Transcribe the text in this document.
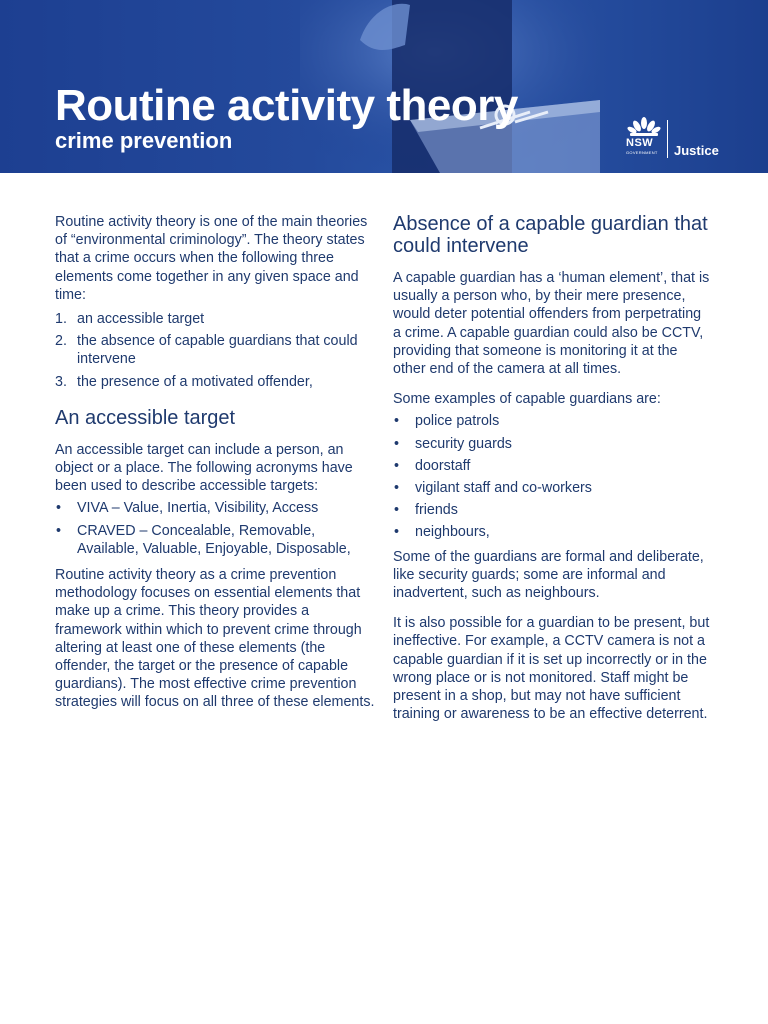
Routine activity theory
crime prevention	NSW
GOVERNMENT Justice

Routine activity theory is one of the main theories of “environmental criminology”. The theory states that a crime occurs when the following three elements come together in any given space and time:

1. an accessible target
2. the absence of capable guardians that could intervene
3. the presence of a motivated offender,
An accessible target

An accessible target can include a person, an object or a place. The following acronyms have been used to describe accessible targets:

• VIVA – Value, Inertia, Visibility, Access
• CRAVED – Concealable, Removable, Available, Valuable, Enjoyable, Disposable,

Routine activity theory as a crime prevention methodology focuses on essential elements that make up a crime. This theory provides a framework within which to prevent crime through altering at least one of these elements (the offender, the target or the presence of capable guardians). The most effective crime prevention strategies will focus on all three of these elements.

Absence of a capable guardian that could intervene

A capable guardian has a ‘human element’, that is usually a person who, by their mere presence, would deter potential offenders from perpetrating a crime. A capable guardian could also be CCTV, providing that someone is monitoring it at the other end of the camera at all times.

Some examples of capable guardians are:

• police patrols
• security guards
• doorstaff
• vigilant staff and co-workers
• friends
• neighbours,

Some of the guardians are formal and deliberate, like security guards; some are informal and inadvertent, such as neighbours.

It is also possible for a guardian to be present, but ineffective. For example, a CCTV camera is not a capable guardian if it is set up incorrectly or in the wrong place or is not monitored. Staff might be present in a shop, but may not have sufficient training or awareness to be an effective deterrent.
